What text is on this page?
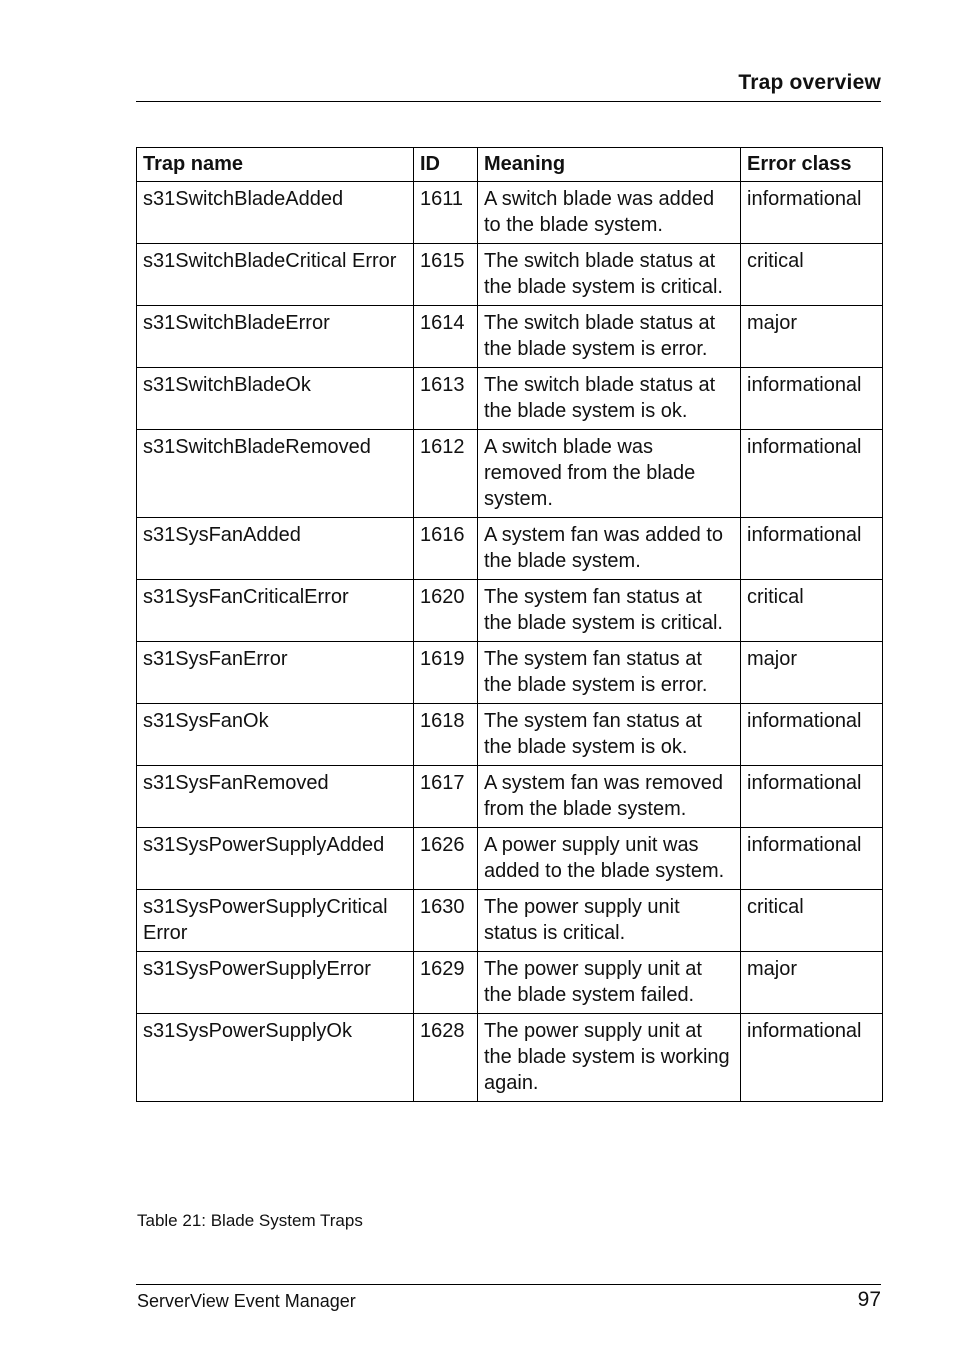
Trap overview
Trap name	ID	Meaning	Error class
s31SwitchBladeAdded	1611	A switch blade was added to the blade system.	informational
s31SwitchBladeCritical Error	1615	The switch blade status at the blade system is critical.	critical
s31SwitchBladeError	1614	The switch blade status at the blade system is error.	major
s31SwitchBladeOk	1613	The switch blade status at the blade system is ok.	informational
s31SwitchBladeRemoved	1612	A switch blade was removed from the blade system.	informational
s31SysFanAdded	1616	A system fan was added to the blade system.	informational
s31SysFanCriticalError	1620	The system fan status at the blade system is critical.	critical
s31SysFanError	1619	The system fan status at the blade system is error.	major
s31SysFanOk	1618	The system fan status at the blade system is ok.	informational
s31SysFanRemoved	1617	A system fan was removed from the blade system.	informational
s31SysPowerSupplyAdded	1626	A power supply unit was added to the blade system.	informational
s31SysPowerSupplyCritical Error	1630	The power supply unit status is critical.	critical
s31SysPowerSupplyError	1629	The power supply unit at the blade system failed.	major
s31SysPowerSupplyOk	1628	The power supply unit at the blade system is working again.	informational
Table 21: Blade System Traps
ServerView Event Manager	97
